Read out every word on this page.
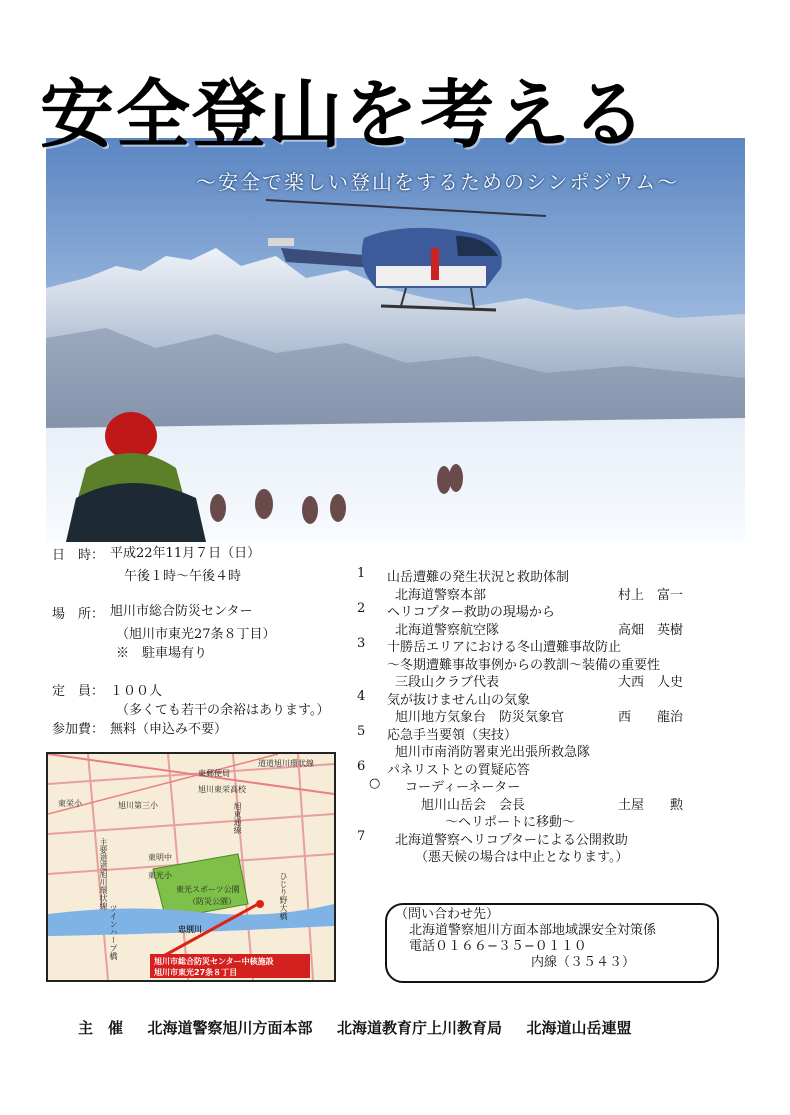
安全登山を考える
〜安全で楽しい登山をするためのシンポジウム〜
日　時： 平成22年11月７日（日）
午後１時〜午後４時
場　所： 旭川市総合防災センター
（旭川市東光27条８丁目）
※　駐車場有り
定　員： １００人
（多くても若干の余裕はあります。）
参加費： 無料（申込み不要）
1 山岳遭難の発生状況と救助体制
北海道警察本部	村上　富一
2 ヘリコプター救助の現場から
北海道警察航空隊	高畑　英樹
3 十勝岳エリアにおける冬山遭難事故防止
〜冬期遭難事故事例からの教訓〜装備の重要性
三段山クラブ代表	大西　人史
4 気が抜けません山の気象
旭川地方気象台　防災気象官	西　　龍治
5 応急手当要領（実技）
旭川市南消防署東光出張所救急隊
6 パネリストとの質疑応答
○ コーディーネーター
旭川山岳会　会長	土屋　　勲
〜ヘリポートに移動〜
7 北海道警察ヘリコプターによる公開救助
（悪天候の場合は中止となります。）
東郵便局
旭川東栄高校
道道旭川環状線
東栄小	旭川第三小	旭東通線
主要道道旭川環状線	東明中
東光小
東光スポーツ公園
（防災公園）
ツインハープ橋	忠別川
ひじり野大橋
旭川市総合防災センター中核施設
旭川市東光27条８丁目
（問い合わせ先）
北海道警察旭川方面本部地域課安全対策係
電話０１６６−３５−０１１０
内線（３５４３）
主　催 北海道警察旭川方面本部 北海道教育庁上川教育局 北海道山岳連盟
